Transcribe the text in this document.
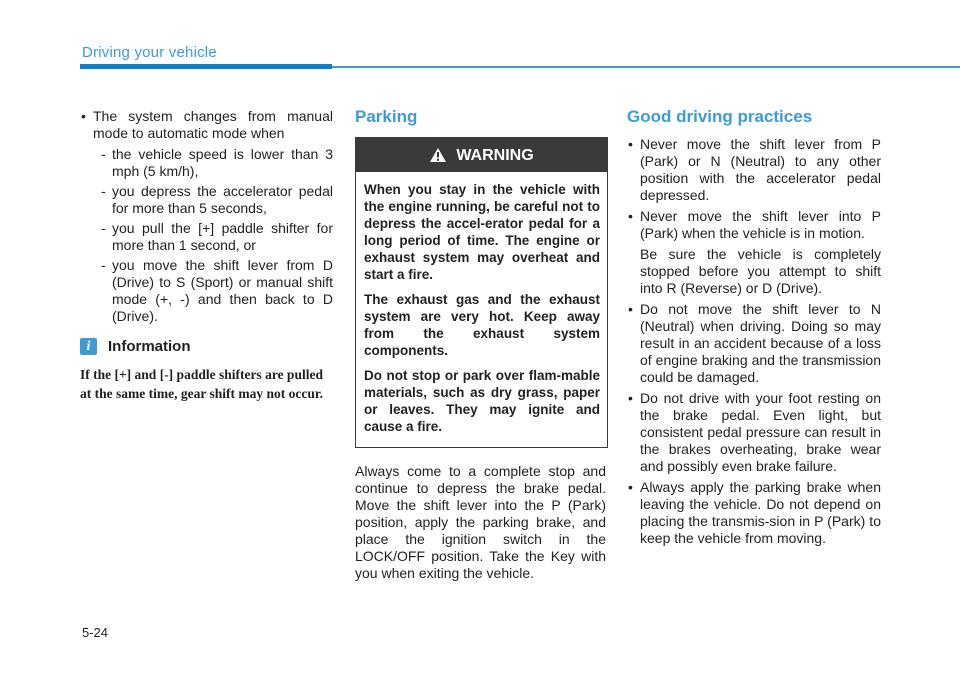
Driving your vehicle
• The system changes from manual mode to automatic mode when
- the vehicle speed is lower than 3 mph (5 km/h),
- you depress the accelerator pedal for more than 5 seconds,
- you pull the [+] paddle shifter for more than 1 second, or
- you move the shift lever from D (Drive) to S (Sport) or manual shift mode (+, -) and then back to D (Drive).
i	Information
If the [+] and [-] paddle shifters are pulled at the same time, gear shift may not occur.
Parking
WARNING

When you stay in the vehicle with the engine running, be careful not to depress the accel-erator pedal for a long period of time. The engine or exhaust system may overheat and start a fire.

The exhaust gas and the exhaust system are very hot. Keep away from the exhaust system components.

Do not stop or park over flam-mable materials, such as dry grass, paper or leaves. They may ignite and cause a fire.

Always come to a complete stop and continue to depress the brake pedal. Move the shift lever into the P (Park) position, apply the parking brake, and place the ignition switch in the LOCK/OFF position. Take the Key with you when exiting the vehicle.
Good driving practices
• Never move the shift lever from P (Park) or N (Neutral) to any other position with the accelerator pedal depressed.
• Never move the shift lever into P (Park) when the vehicle is in motion.
Be sure the vehicle is completely stopped before you attempt to shift into R (Reverse) or D (Drive).
• Do not move the shift lever to N (Neutral) when driving. Doing so may result in an accident because of a loss of engine braking and the transmission could be damaged.
• Do not drive with your foot resting on the brake pedal. Even light, but consistent pedal pressure can result in the brakes overheating, brake wear and possibly even brake failure.
• Always apply the parking brake when leaving the vehicle. Do not depend on placing the transmis-sion in P (Park) to keep the vehicle from moving.
5-24
